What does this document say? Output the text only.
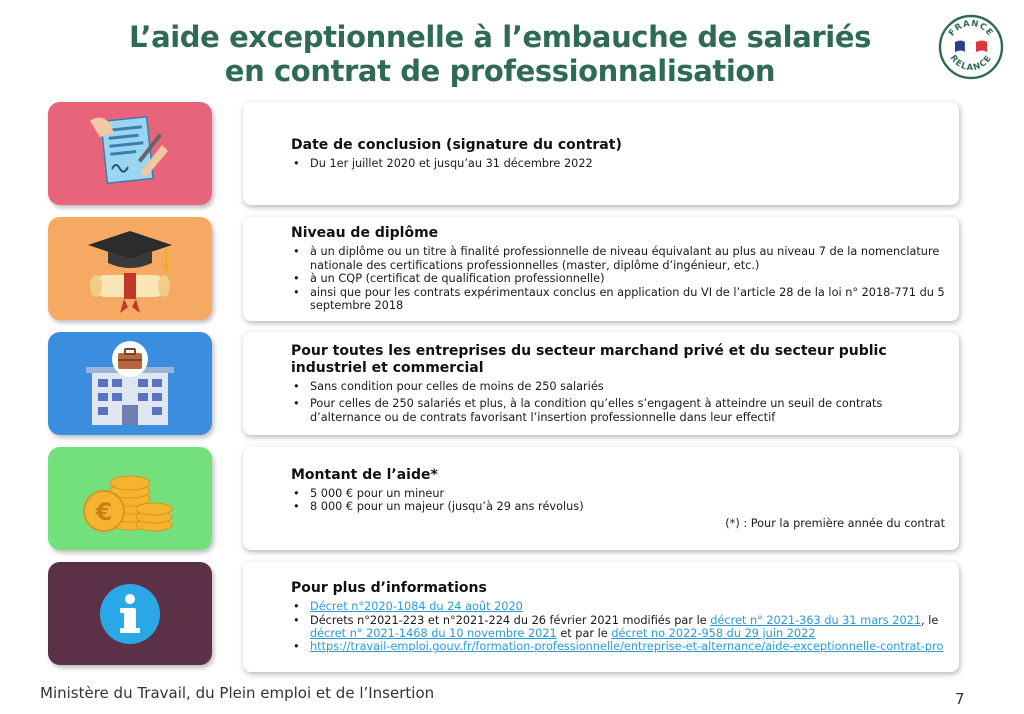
L’aide exceptionnelle à l’embauche de salariés
en contrat de professionnalisation
FRANCE
RELANCE
Date de conclusion (signature du contrat)
• Du 1er juillet 2020 et jusqu’au 31 décembre 2022
Niveau de diplôme
• à un diplôme ou un titre à finalité professionnelle de niveau équivalant au plus au niveau 7 de la nomenclature nationale des certifications professionnelles (master, diplôme d’ingénieur, etc.)
• à un CQP (certificat de qualification professionnelle)
• ainsi que pour les contrats expérimentaux conclus en application du VI de l’article 28 de la loi n° 2018-771 du 5 septembre 2018
Pour toutes les entreprises du secteur marchand privé et du secteur public industriel et commercial
• Sans condition pour celles de moins de 250 salariés
• Pour celles de 250 salariés et plus, à la condition qu’elles s’engagent à atteindre un seuil de contrats d’alternance ou de contrats favorisant l’insertion professionnelle dans leur effectif
€
Montant de l’aide*
• 5 000 € pour un mineur
• 8 000 € pour un majeur (jusqu’à 29 ans révolus)
(*) : Pour la première année du contrat
Pour plus d’informations
• Décret n°2020-1084 du 24 août 2020
• Décrets n°2021-223 et n°2021-224 du 26 février 2021 modifiés par le décret n° 2021-363 du 31 mars 2021, le décret n° 2021-1468 du 10 novembre 2021 et par le décret no 2022-958 du 29 juin 2022
• https://travail-emploi.gouv.fr/formation-professionnelle/entreprise-et-alternance/aide-exceptionnelle-contrat-pro
Ministère du Travail, du Plein emploi et de l’Insertion	7
